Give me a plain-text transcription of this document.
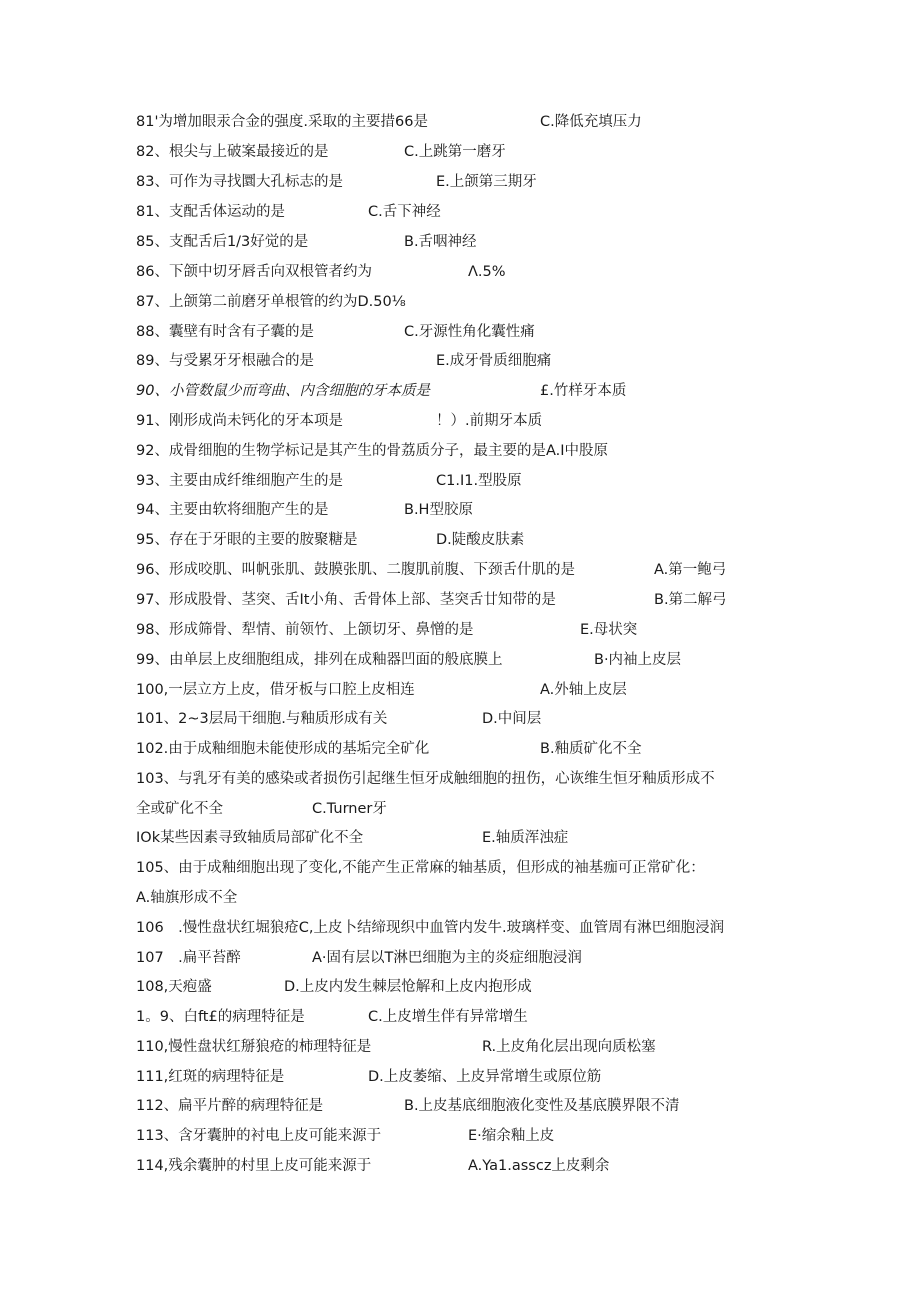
81'为增加眼汞合金的强度.采取的主要措66是	C.降低充填压力
82、根尖与上破案最接近的是	C.上跳第一磨牙
83、可作为寻找圜大孔标志的是	E.上颌第三期牙
81、支配舌体运动的是	C.舌下神经
85、支配舌后1/3好觉的是	B.舌咽神经
86、下颌中切牙唇舌向双根管者约为	Λ.5%
87、上颌第二前磨牙单根管的约为D.50⅛
88、囊壁有时含有子囊的是	C.牙源性角化囊性痛
89、与受累牙牙根融合的是	E.成牙骨质细胞痛
90、小管数鼠少而弯曲、内含细胞的牙本质是	£.竹样牙本质
91、刚形成尚未钙化的牙本项是	！）.前期牙本质
92、成骨细胞的生物学标记是其产生的骨荔质分子，最主要的是A.I中股原
93、主要由成纤维细胞产生的是	C1.I1.型股原
94、主要由软将细胞产生的是	B.H型胶原
95、存在于牙眼的主要的胺聚糖是	D.陡酸皮肤素
96、形成咬肌、叫帆张肌、鼓膜张肌、二腹肌前腹、下颈舌什肌的是	A.第一鲍弓
97、形成股骨、茎突、舌It小角、舌骨体上部、茎突舌廿知带的是	B.第二解弓
98、形成筛骨、犁情、前领竹、上颌切牙、鼻憎的是	E.母状突
99、由单层上皮细胞组成，排列在成釉器凹面的般底膜上	B·内袖上皮层
100,一层立方上皮，借牙板与口腔上皮相连	A.外轴上皮层
101、2~3层局干细胞.与釉质形成有关	D.中间层
102.由于成釉细胞未能使形成的基垢完全矿化	B.釉质矿化不全
103、与乳牙有美的感染或者损伤引起继生恒牙成触细胞的扭伤，心诙维生恒牙釉质形成不
全或矿化不全	C.Turner牙
IOk某些因素寻致轴质局部矿化不全	E.轴质浑浊症
105、由于成釉细胞出现了变化,不能产生正常麻的轴基质，但形成的袖基痂可正常矿化：
A.轴旗形成不全
106　.慢性盘状红堀狼疮C,上皮卜结缔现织中血管内发牛.玻璃样变、血管周有淋巴细胞浸润
107　.扁平苔醉	A·固有层以T淋巴细胞为主的炎症细胞浸润
108,天疱盛	D.上皮内发生棘层怆解和上皮内抱形成
1。9、白ft£的病理特征是	C.上皮增生伴有异常增生
110,慢性盘状红掰狼疮的柿理特征是	R.上皮角化层出现向质松塞
111,红斑的病理特征是	D.上皮萎缩、上皮异常增生或原位筋
112、扁平片醉的病理特征是	B.上皮基底细胞液化变性及基底膜界限不清
113、含牙囊肿的衬电上皮可能来源于	E·缩余釉上皮
114,残余囊肿的村里上皮可能来源于	A.Ya1.asscz上皮剩余
